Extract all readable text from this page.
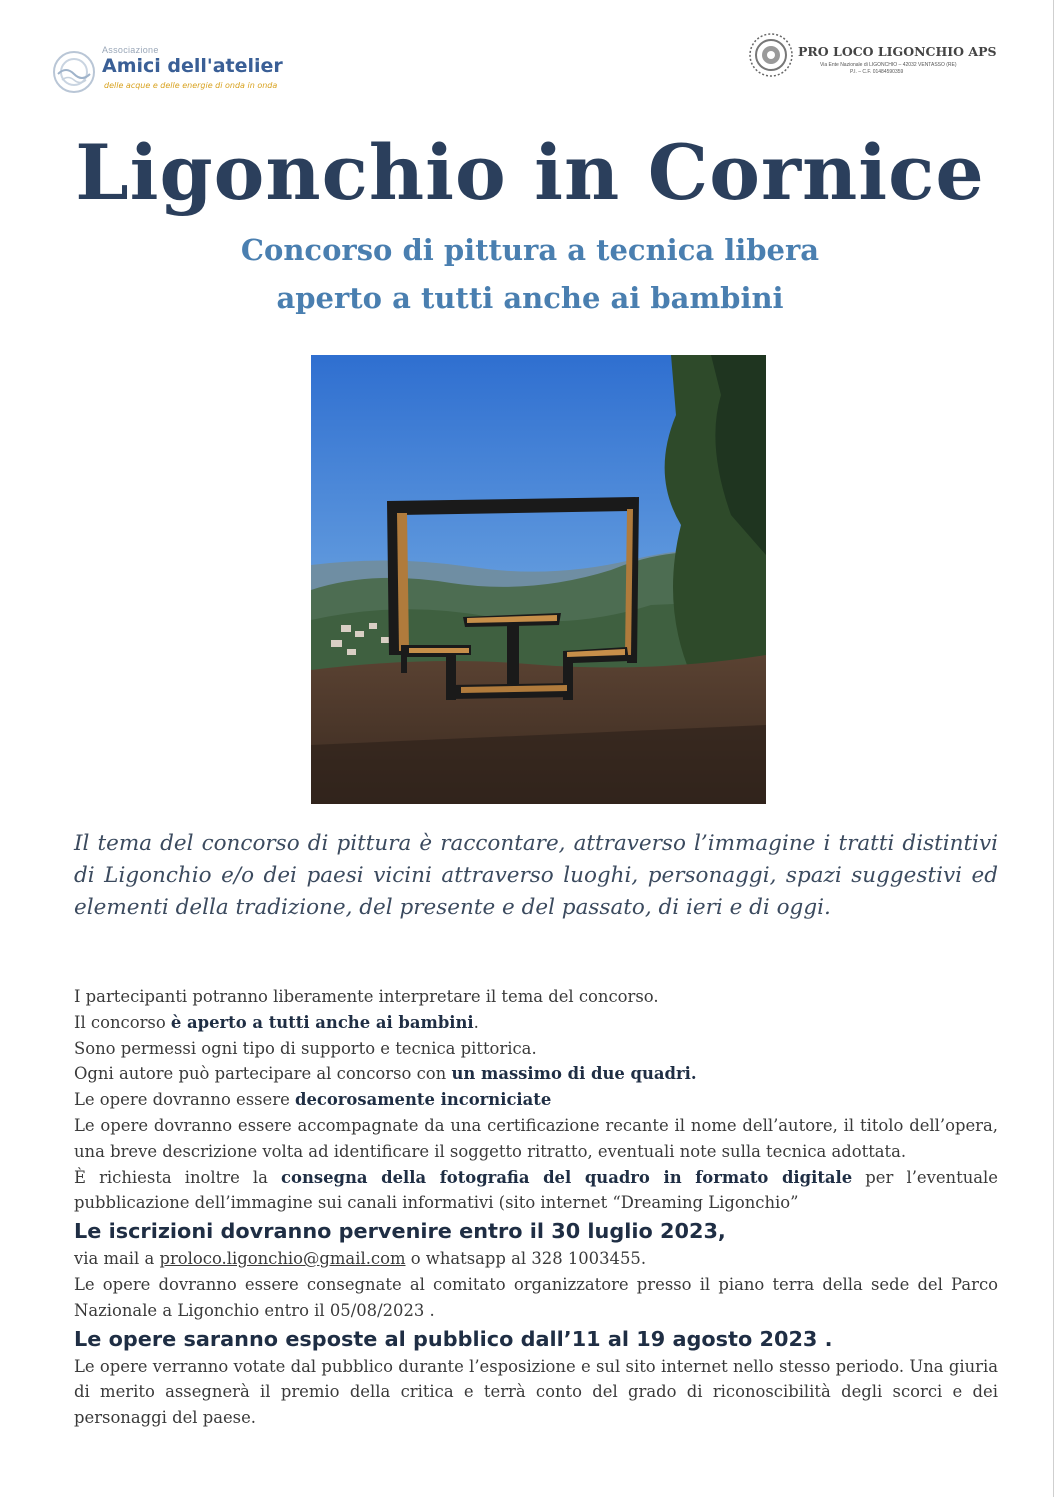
Associazione
Amici dell'atelier
delle acque e delle energie di onda in onda
PRO LOCO LIGONCHIO APS
Via Ente Nazionale di LIGONCHIO – 42032 VENTASSO (RE)
P.I. – C.F. 01484590359
Ligonchio in Cornice
Concorso di pittura a tecnica libera
aperto a tutti anche ai bambini
Il tema del concorso di pittura è raccontare, attraverso l’immagine i tratti distintivi di Ligonchio e/o dei paesi vicini attraverso luoghi, personaggi, spazi suggestivi ed elementi della tradizione, del presente e del passato, di ieri e di oggi.

I partecipanti potranno liberamente interpretare il tema del concorso.

Il concorso è aperto a tutti anche ai bambini.

Sono permessi ogni tipo di supporto e tecnica pittorica.

Ogni autore può partecipare al concorso con un massimo di due quadri.

Le opere dovranno essere decorosamente incorniciate

Le opere dovranno essere accompagnate da una certificazione recante il nome dell’autore, il titolo dell’opera, una breve descrizione volta ad identificare il soggetto ritratto, eventuali note sulla tecnica adottata.

È richiesta inoltre la consegna della fotografia del quadro in formato digitale per l’eventuale pubblicazione dell’immagine sui canali informativi (sito internet “Dreaming Ligonchio”

Le iscrizioni dovranno pervenire entro il 30 luglio 2023,

via mail a proloco.ligonchio@gmail.com o whatsapp al 328 1003455.

Le opere dovranno essere consegnate al comitato organizzatore presso il piano terra della sede del Parco Nazionale a Ligonchio entro il 05/08/2023 .

Le opere saranno esposte al pubblico dall’11 al 19 agosto 2023 .

Le opere verranno votate dal pubblico durante l’esposizione e sul sito internet nello stesso periodo. Una giuria di merito assegnerà il premio della critica e terrà conto del grado di riconoscibilità degli scorci e dei personaggi del paese.
